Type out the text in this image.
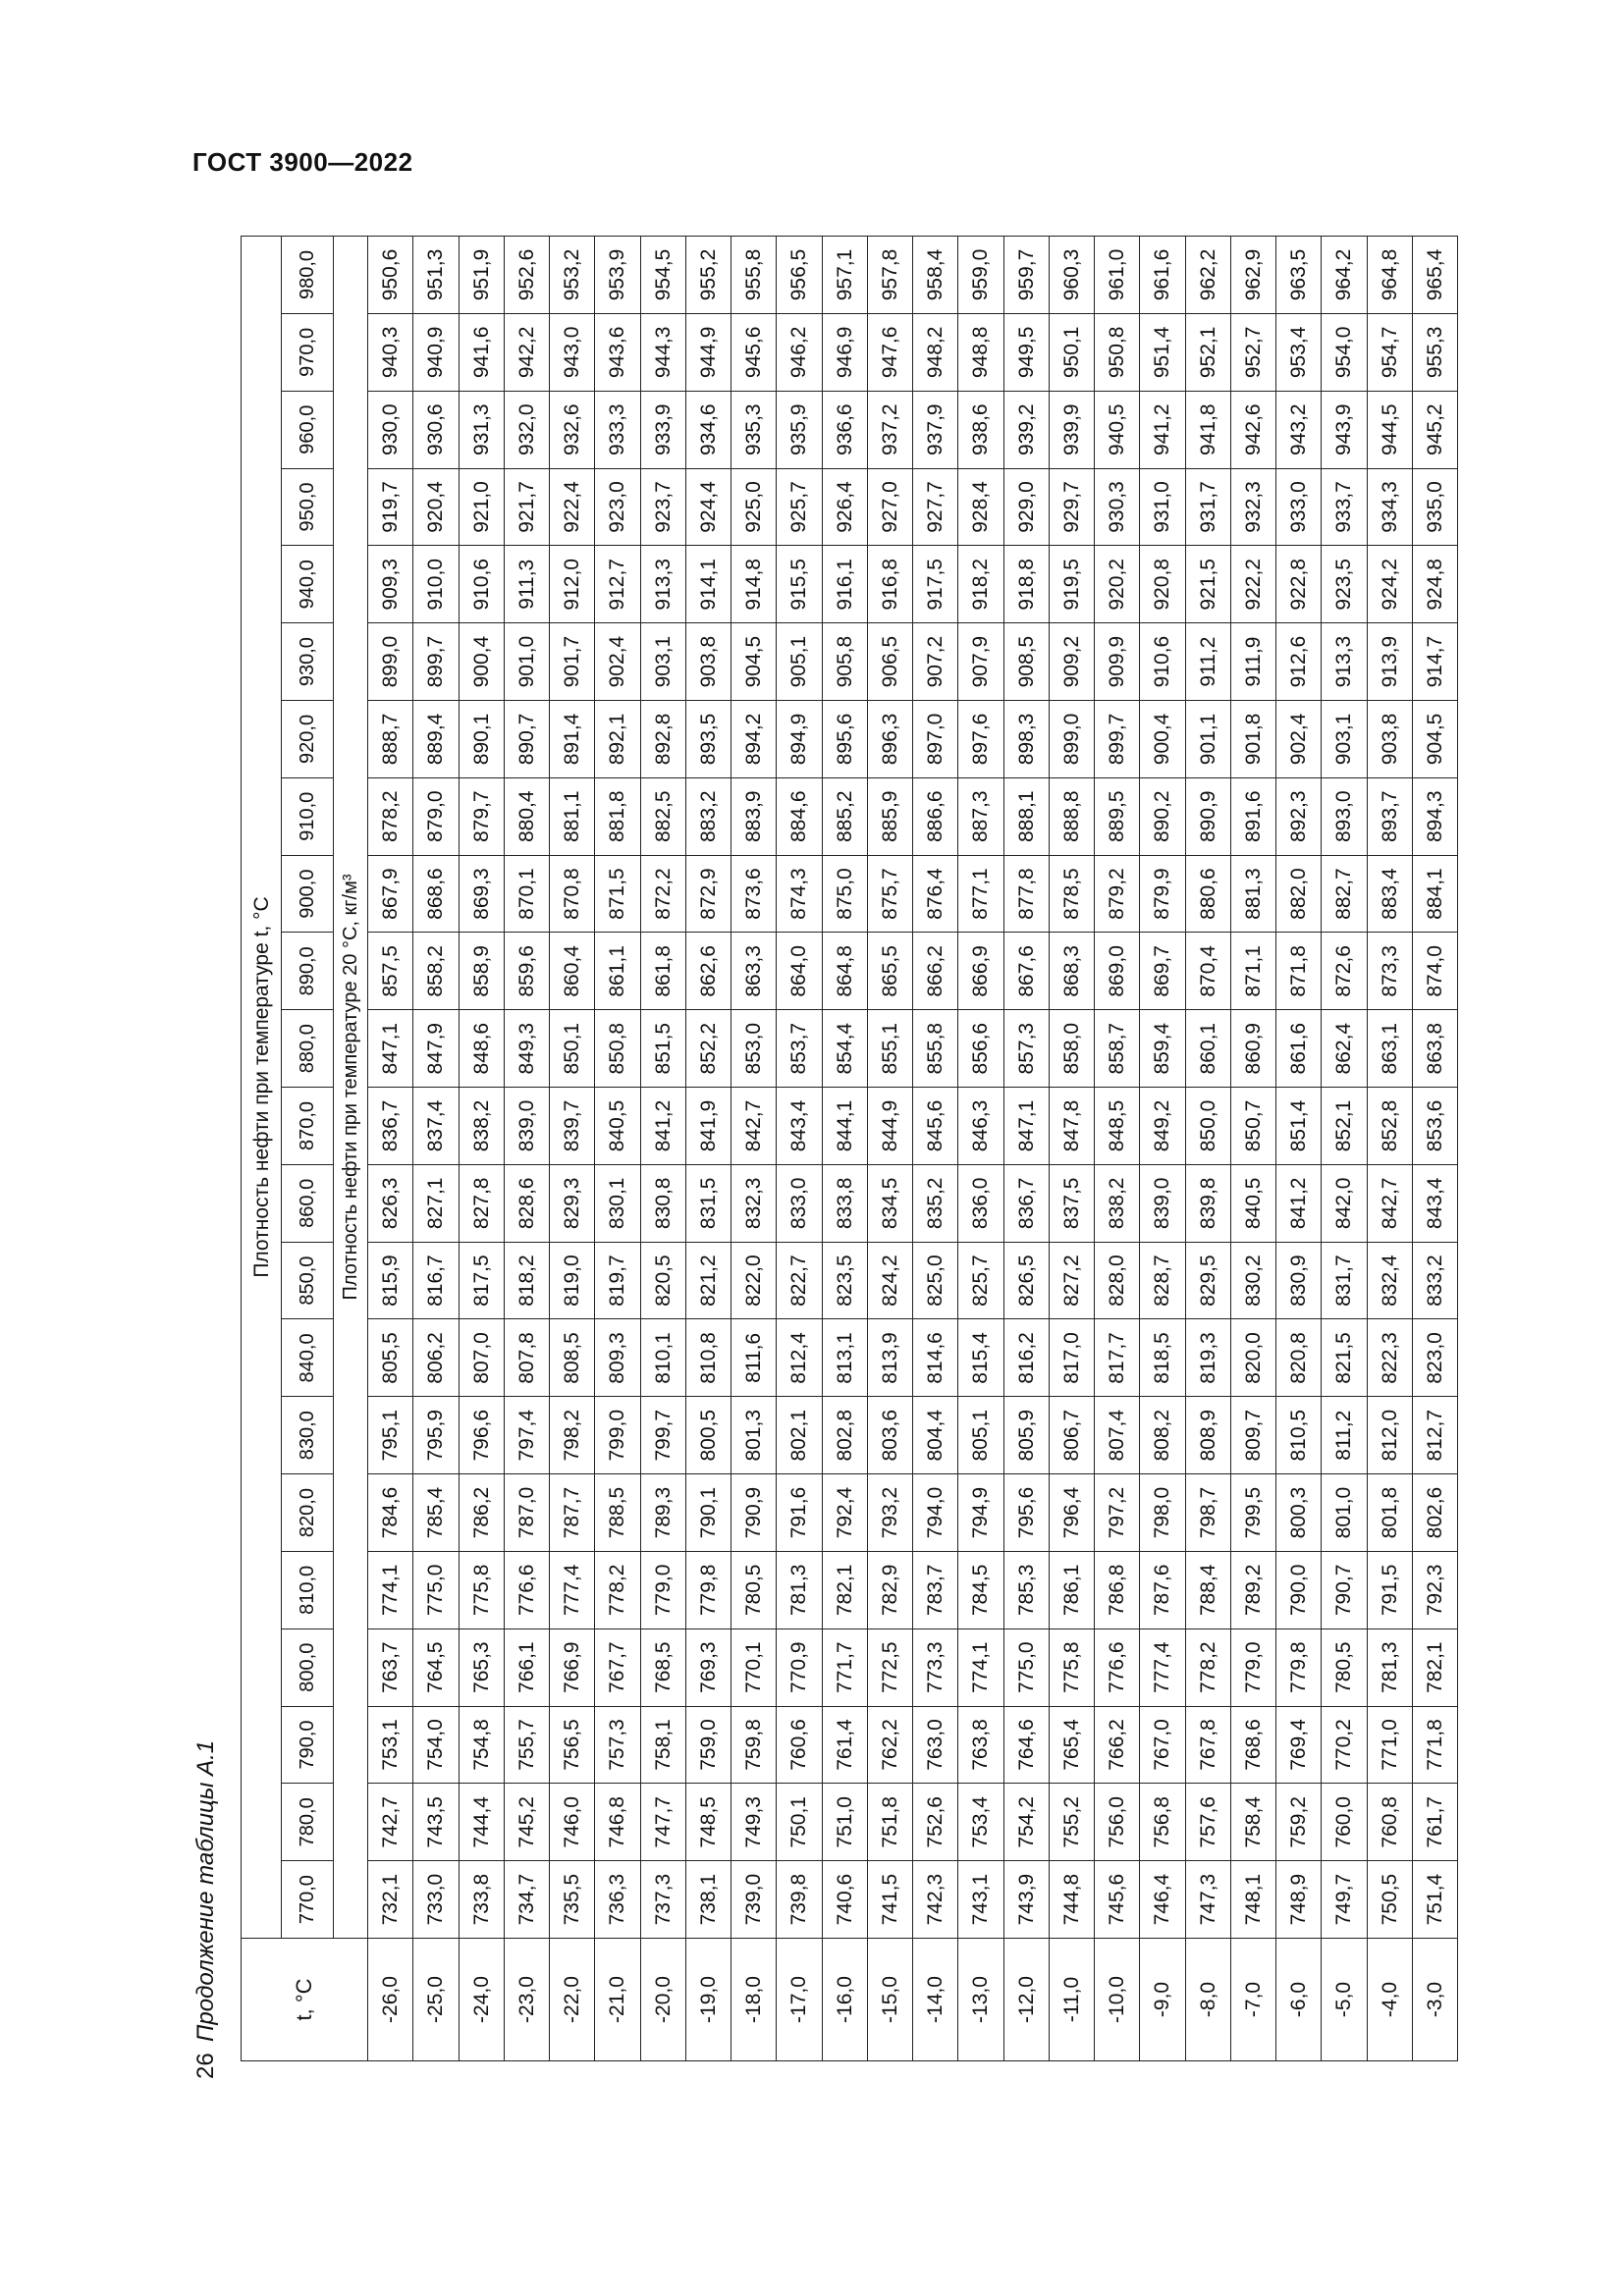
ГОСТ 3900—2022
Продолжение таблицы А.1
26
t, °C	Плотность нефти при температуре t, °C																					
	770,0	780,0	790,0	800,0	810,0	820,0	830,0	840,0	850,0	860,0	870,0	880,0	890,0	900,0	910,0	920,0	930,0	940,0	950,0	960,0	970,0	980,0
	Плотность нефти при температуре 20 °C, кг/м³																					
-26,0	732,1	742,7	753,1	763,7	774,1	784,6	795,1	805,5	815,9	826,3	836,7	847,1	857,5	867,9	878,2	888,7	899,0	909,3	919,7	930,0	940,3	950,6
-25,0	733,0	743,5	754,0	764,5	775,0	785,4	795,9	806,2	816,7	827,1	837,4	847,9	858,2	868,6	879,0	889,4	899,7	910,0	920,4	930,6	940,9	951,3
-24,0	733,8	744,4	754,8	765,3	775,8	786,2	796,6	807,0	817,5	827,8	838,2	848,6	858,9	869,3	879,7	890,1	900,4	910,6	921,0	931,3	941,6	951,9
-23,0	734,7	745,2	755,7	766,1	776,6	787,0	797,4	807,8	818,2	828,6	839,0	849,3	859,6	870,1	880,4	890,7	901,0	911,3	921,7	932,0	942,2	952,6
-22,0	735,5	746,0	756,5	766,9	777,4	787,7	798,2	808,5	819,0	829,3	839,7	850,1	860,4	870,8	881,1	891,4	901,7	912,0	922,4	932,6	943,0	953,2
-21,0	736,3	746,8	757,3	767,7	778,2	788,5	799,0	809,3	819,7	830,1	840,5	850,8	861,1	871,5	881,8	892,1	902,4	912,7	923,0	933,3	943,6	953,9
-20,0	737,3	747,7	758,1	768,5	779,0	789,3	799,7	810,1	820,5	830,8	841,2	851,5	861,8	872,2	882,5	892,8	903,1	913,3	923,7	933,9	944,3	954,5
-19,0	738,1	748,5	759,0	769,3	779,8	790,1	800,5	810,8	821,2	831,5	841,9	852,2	862,6	872,9	883,2	893,5	903,8	914,1	924,4	934,6	944,9	955,2
-18,0	739,0	749,3	759,8	770,1	780,5	790,9	801,3	811,6	822,0	832,3	842,7	853,0	863,3	873,6	883,9	894,2	904,5	914,8	925,0	935,3	945,6	955,8
-17,0	739,8	750,1	760,6	770,9	781,3	791,6	802,1	812,4	822,7	833,0	843,4	853,7	864,0	874,3	884,6	894,9	905,1	915,5	925,7	935,9	946,2	956,5
-16,0	740,6	751,0	761,4	771,7	782,1	792,4	802,8	813,1	823,5	833,8	844,1	854,4	864,8	875,0	885,2	895,6	905,8	916,1	926,4	936,6	946,9	957,1
-15,0	741,5	751,8	762,2	772,5	782,9	793,2	803,6	813,9	824,2	834,5	844,9	855,1	865,5	875,7	885,9	896,3	906,5	916,8	927,0	937,2	947,6	957,8
-14,0	742,3	752,6	763,0	773,3	783,7	794,0	804,4	814,6	825,0	835,2	845,6	855,8	866,2	876,4	886,6	897,0	907,2	917,5	927,7	937,9	948,2	958,4
-13,0	743,1	753,4	763,8	774,1	784,5	794,9	805,1	815,4	825,7	836,0	846,3	856,6	866,9	877,1	887,3	897,6	907,9	918,2	928,4	938,6	948,8	959,0
-12,0	743,9	754,2	764,6	775,0	785,3	795,6	805,9	816,2	826,5	836,7	847,1	857,3	867,6	877,8	888,1	898,3	908,5	918,8	929,0	939,2	949,5	959,7
-11,0	744,8	755,2	765,4	775,8	786,1	796,4	806,7	817,0	827,2	837,5	847,8	858,0	868,3	878,5	888,8	899,0	909,2	919,5	929,7	939,9	950,1	960,3
-10,0	745,6	756,0	766,2	776,6	786,8	797,2	807,4	817,7	828,0	838,2	848,5	858,7	869,0	879,2	889,5	899,7	909,9	920,2	930,3	940,5	950,8	961,0
-9,0	746,4	756,8	767,0	777,4	787,6	798,0	808,2	818,5	828,7	839,0	849,2	859,4	869,7	879,9	890,2	900,4	910,6	920,8	931,0	941,2	951,4	961,6
-8,0	747,3	757,6	767,8	778,2	788,4	798,7	808,9	819,3	829,5	839,8	850,0	860,1	870,4	880,6	890,9	901,1	911,2	921,5	931,7	941,8	952,1	962,2
-7,0	748,1	758,4	768,6	779,0	789,2	799,5	809,7	820,0	830,2	840,5	850,7	860,9	871,1	881,3	891,6	901,8	911,9	922,2	932,3	942,6	952,7	962,9
-6,0	748,9	759,2	769,4	779,8	790,0	800,3	810,5	820,8	830,9	841,2	851,4	861,6	871,8	882,0	892,3	902,4	912,6	922,8	933,0	943,2	953,4	963,5
-5,0	749,7	760,0	770,2	780,5	790,7	801,0	811,2	821,5	831,7	842,0	852,1	862,4	872,6	882,7	893,0	903,1	913,3	923,5	933,7	943,9	954,0	964,2
-4,0	750,5	760,8	771,0	781,3	791,5	801,8	812,0	822,3	832,4	842,7	852,8	863,1	873,3	883,4	893,7	903,8	913,9	924,2	934,3	944,5	954,7	964,8
-3,0	751,4	761,7	771,8	782,1	792,3	802,6	812,7	823,0	833,2	843,4	853,6	863,8	874,0	884,1	894,3	904,5	914,7	924,8	935,0	945,2	955,3	965,4
